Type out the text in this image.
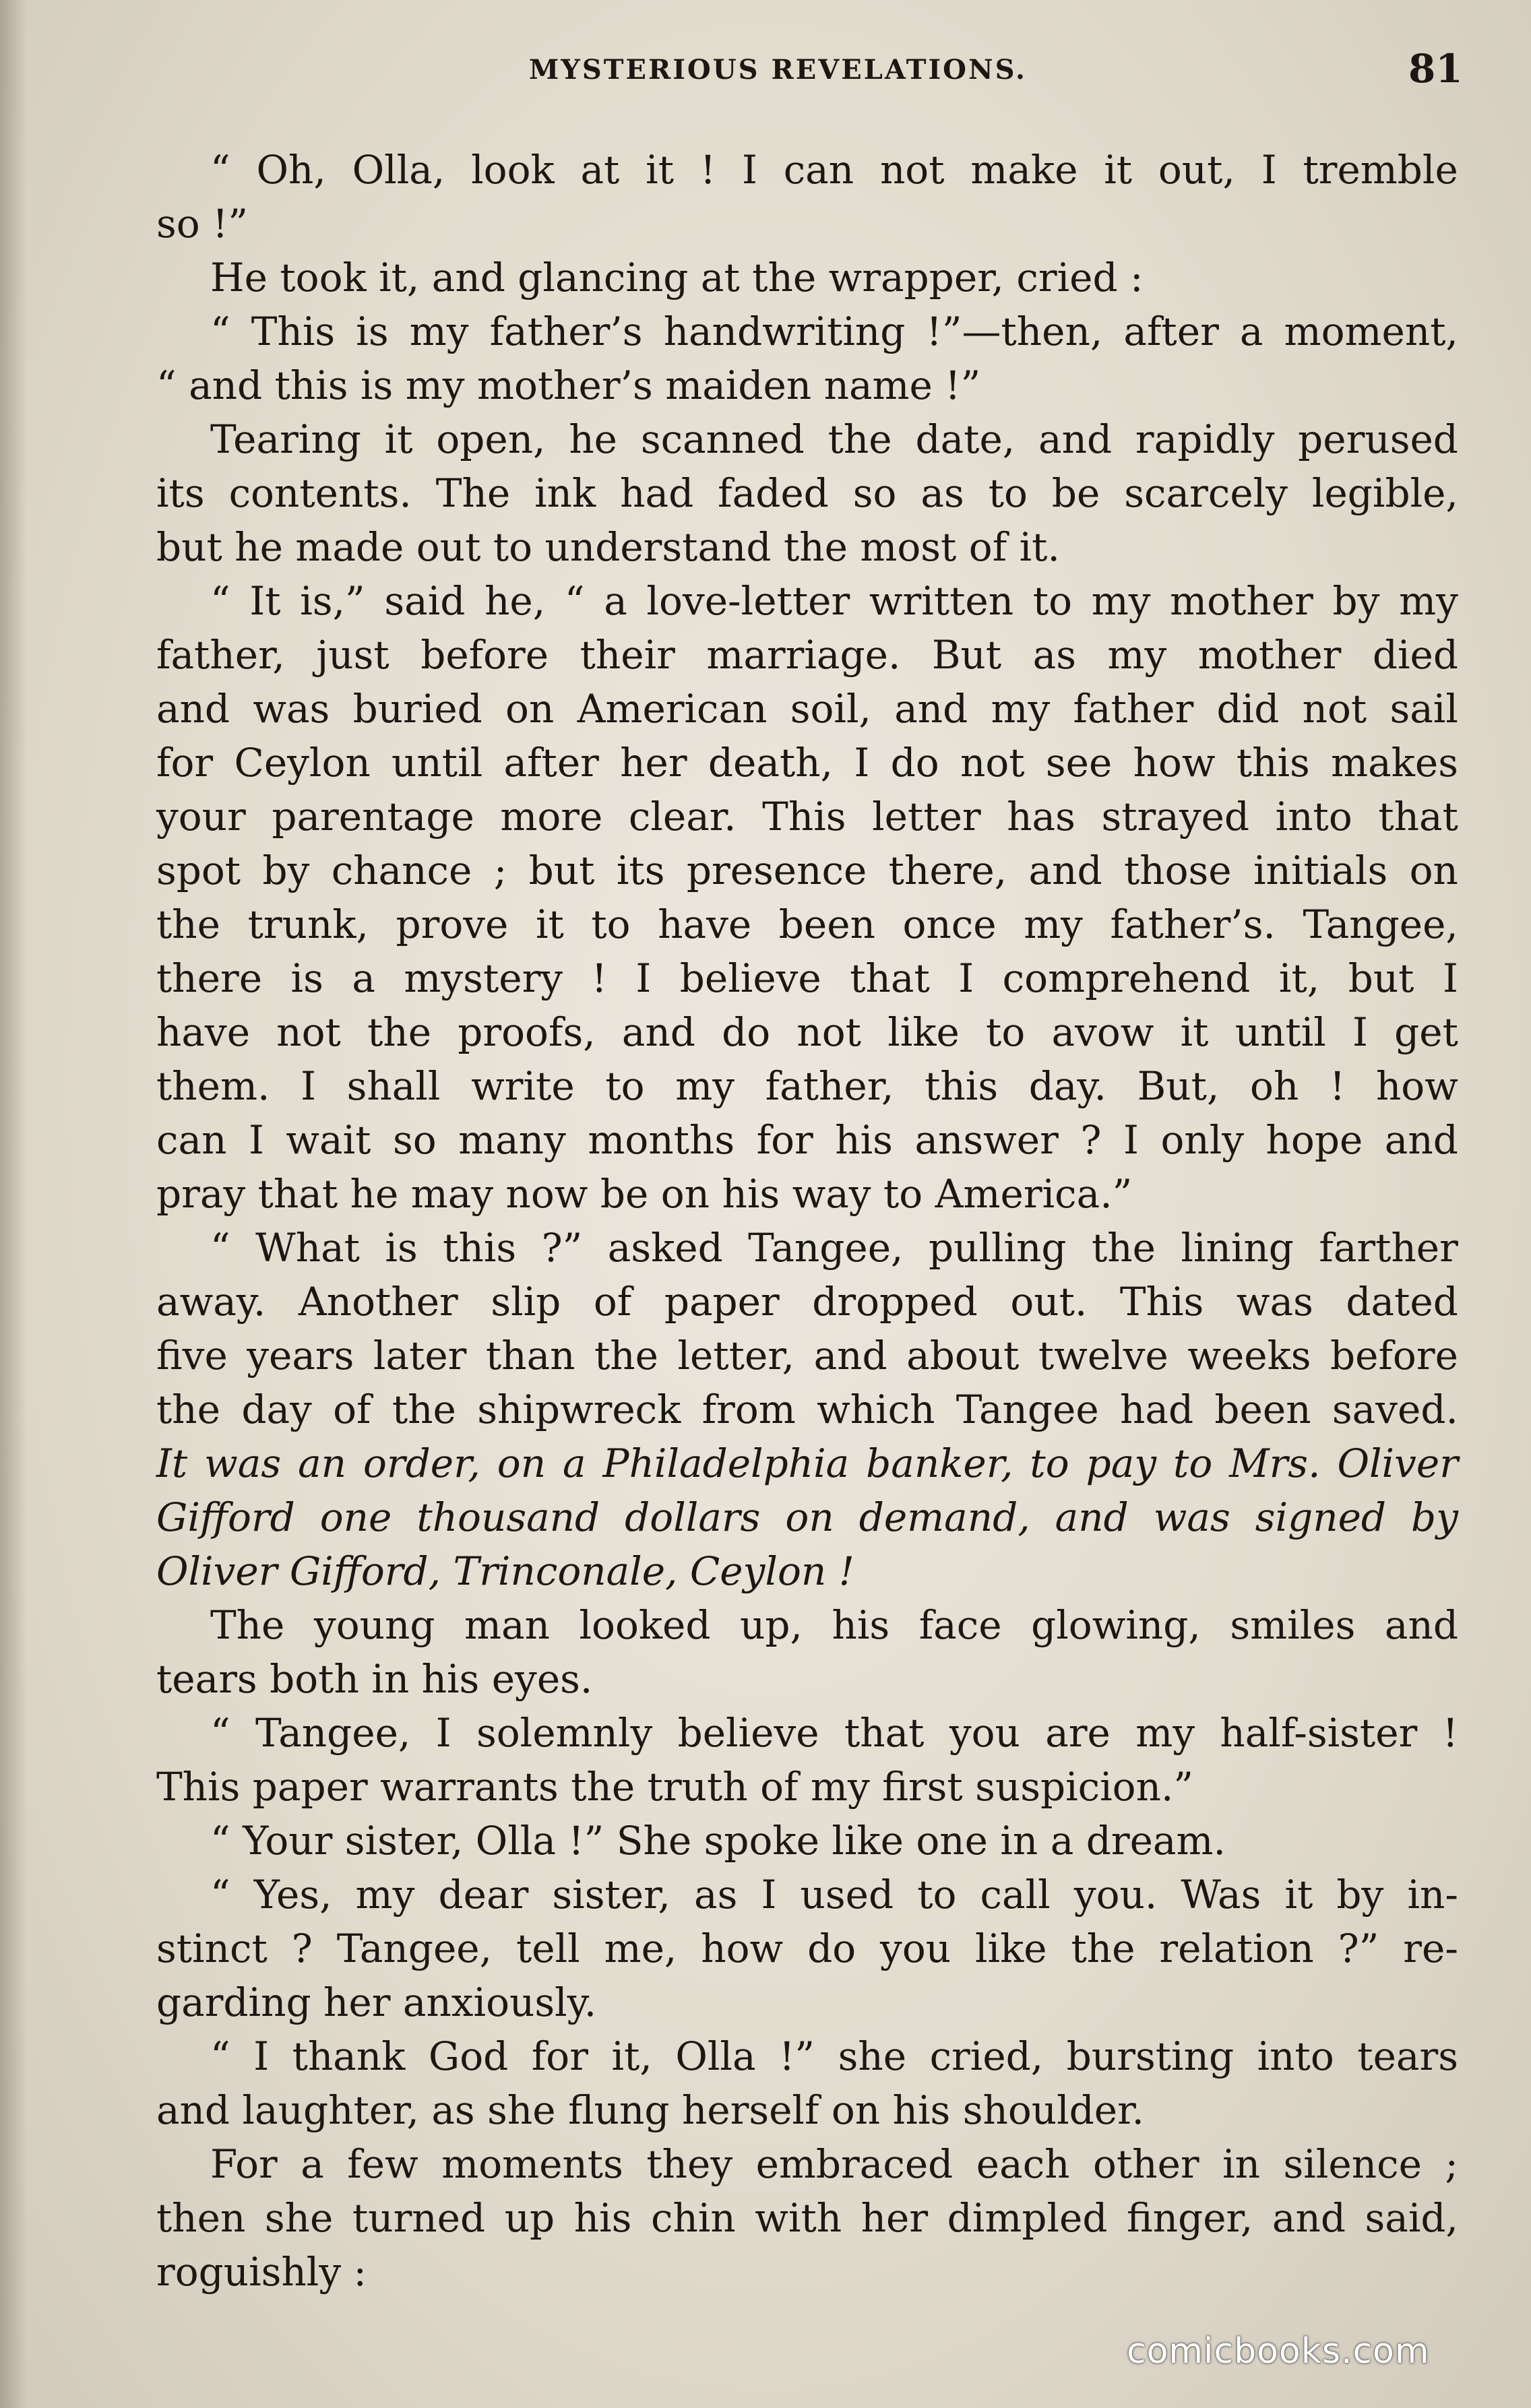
MYSTERIOUS REVELATIONS.	81
“ Oh, Olla, look at it ! I can not make it out, I tremble
so !”
He took it, and glancing at the wrapper, cried :
“ This is my father’s handwriting !”—then, after a moment,
“ and this is my mother’s maiden name !”
Tearing it open, he scanned the date, and rapidly perused
its contents. The ink had faded so as to be scarcely legible,
but he made out to understand the most of it.
“ It is,” said he, “ a love-letter written to my mother by my
father, just before their marriage. But as my mother died
and was buried on American soil, and my father did not sail
for Ceylon until after her death, I do not see how this makes
your parentage more clear. This letter has strayed into that
spot by chance ; but its presence there, and those initials on
the trunk, prove it to have been once my father’s. Tangee,
there is a mystery ! I believe that I comprehend it, but I
have not the proofs, and do not like to avow it until I get
them. I shall write to my father, this day. But, oh ! how
can I wait so many months for his answer ? I only hope and
pray that he may now be on his way to America.”
“ What is this ?” asked Tangee, pulling the lining farther
away. Another slip of paper dropped out. This was dated
five years later than the letter, and about twelve weeks before
the day of the shipwreck from which Tangee had been saved.
It was an order, on a Philadelphia banker, to pay to Mrs. Oliver
Gifford one thousand dollars on demand, and was signed by
Oliver Gifford, Trinconale, Ceylon !
The young man looked up, his face glowing, smiles and
tears both in his eyes.
“ Tangee, I solemnly believe that you are my half-sister !
This paper warrants the truth of my first suspicion.”
“ Your sister, Olla !” She spoke like one in a dream.
“ Yes, my dear sister, as I used to call you. Was it by in-
stinct ? Tangee, tell me, how do you like the relation ?” re-
garding her anxiously.
“ I thank God for it, Olla !” she cried, bursting into tears
and laughter, as she flung herself on his shoulder.
For a few moments they embraced each other in silence ;
then she turned up his chin with her dimpled finger, and said,
roguishly :
comicbooks.com
